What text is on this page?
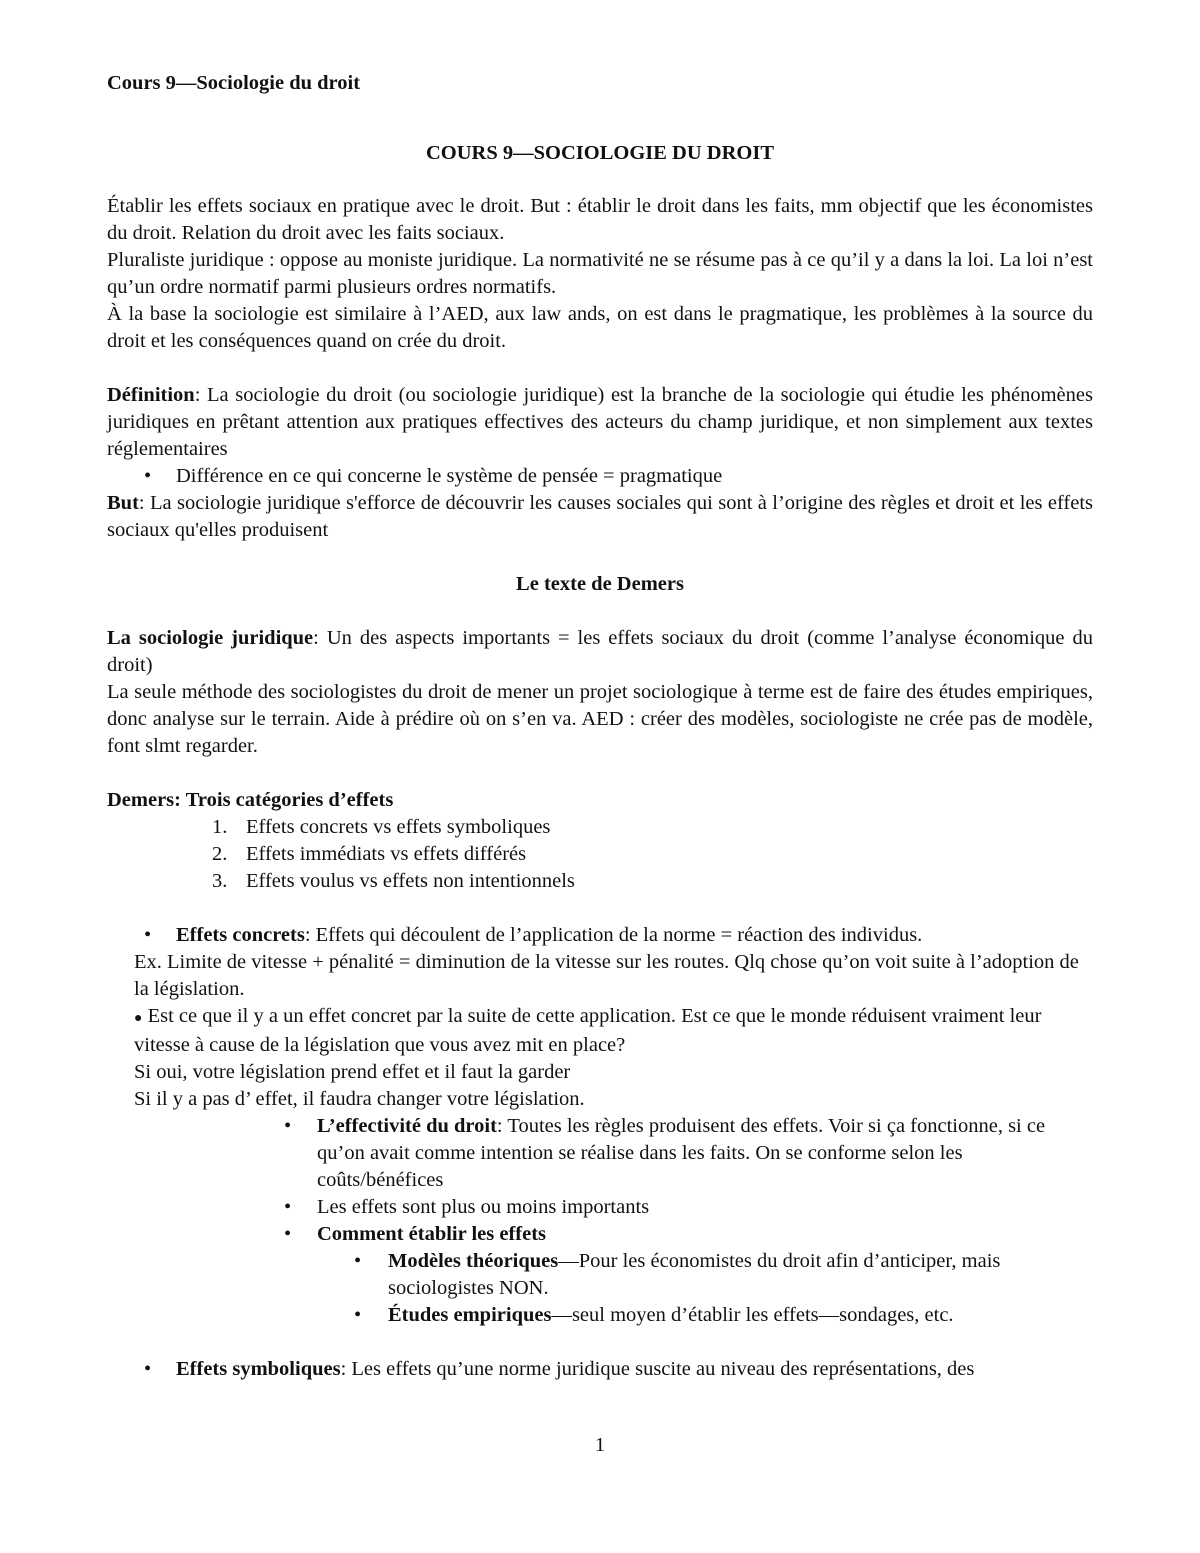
Cours 9—Sociologie du droit

COURS 9—SOCIOLOGIE DU DROIT

Établir les effets sociaux en pratique avec le droit. But : établir le droit dans les faits, mm objectif que les économistes du droit. Relation du droit avec les faits sociaux.

Pluraliste juridique : oppose au moniste juridique. La normativité ne se résume pas à ce qu’il y a dans la loi. La loi n’est qu’un ordre normatif parmi plusieurs ordres normatifs.

À la base la sociologie est similaire à l’AED, aux law ands, on est dans le pragmatique, les problèmes à la source du droit et les conséquences quand on crée du droit.

Définition: La sociologie du droit (ou sociologie juridique) est la branche de la sociologie qui étudie les phénomènes juridiques en prêtant attention aux pratiques effectives des acteurs du champ juridique, et non simplement aux textes réglementaires

• Différence en ce qui concerne le système de pensée = pragmatique

But: La sociologie juridique s'efforce de découvrir les causes sociales qui sont à l’origine des règles et droit et les effets sociaux qu'elles produisent

Le texte de Demers

La sociologie juridique: Un des aspects importants = les effets sociaux du droit (comme l’analyse économique du droit)

La seule méthode des sociologistes du droit de mener un projet sociologique à terme est de faire des études empiriques, donc analyse sur le terrain. Aide à prédire où on s’en va. AED : créer des modèles, sociologiste ne crée pas de modèle, font slmt regarder.

Demers: Trois catégories d’effets

1. Effets concrets vs effets symboliques

2. Effets immédiats vs effets différés

3. Effets voulus vs effets non intentionnels

• Effets concrets: Effets qui découlent de l’application de la norme = réaction des individus.

Ex. Limite de vitesse + pénalité = diminution de la vitesse sur les routes. Qlq chose qu’on voit suite à l’adoption de la législation.

● Est ce que il y a un effet concret par la suite de cette application. Est ce que le monde réduisent vraiment leur vitesse à cause de la législation que vous avez mit en place?

Si oui, votre législation prend effet et il faut la garder

Si il y a pas d’ effet, il faudra changer votre législation.

• L’effectivité du droit: Toutes les règles produisent des effets. Voir si ça fonctionne, si ce qu’on avait comme intention se réalise dans les faits. On se conforme selon les coûts/bénéfices

• Les effets sont plus ou moins importants

• Comment établir les effets

• Modèles théoriques—Pour les économistes du droit afin d’anticiper, mais sociologistes NON.

• Études empiriques—seul moyen d’établir les effets—sondages, etc.

• Effets symboliques: Les effets qu’une norme juridique suscite au niveau des représentations, des

1
